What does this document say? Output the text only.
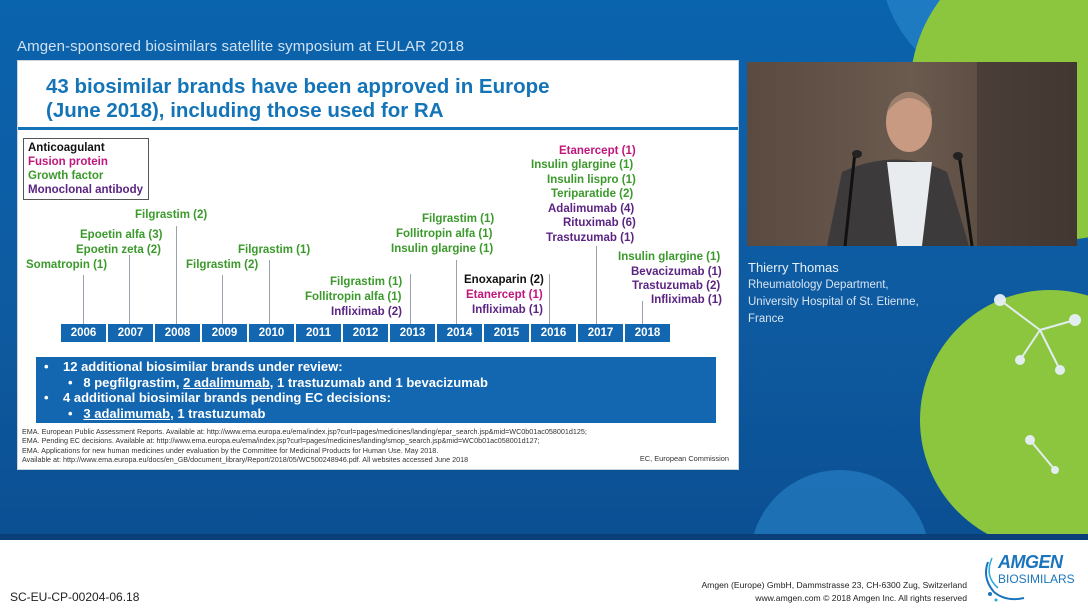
Amgen-sponsored biosimilars satellite symposium at EULAR 2018
43 biosimilar brands have been approved in Europe
(June 2018), including those used for RA
Anticoagulant
Fusion protein
Growth factor
Monoclonal antibody
Somatropin (1)
Epoetin alfa (3)
Epoetin zeta (2)
Filgrastim (2)
Filgrastim (2)
Filgrastim (1)
Filgrastim (1)
Follitropin alfa (1)
Infliximab (2)
Filgrastim (1)
Follitropin alfa (1)
Insulin glargine (1)
Enoxaparin (2)
Etanercept (1)
Infliximab (1)
Etanercept (1)
Insulin glargine (1)
Insulin lispro (1)
Teriparatide (2)
Adalimumab (4)
Rituximab (6)
Trastuzumab (1)
Insulin glargine (1)
Bevacizumab (1)
Trastuzumab (2)
Infliximab (1)
2006	2007	2008	2009	2010	2011	2012	2013	2014	2015	2016	2017	2018
•    12 additional biosimilar brands under review:
•   8 pegfilgrastim, 2 adalimumab, 1 trastuzumab and 1 bevacizumab
•    4 additional biosimilar brands pending EC decisions:
•   3 adalimumab, 1 trastuzumab
EMA. European Public Assessment Reports. Available at: http://www.ema.europa.eu/ema/index.jsp?curl=pages/medicines/landing/epar_search.jsp&mid=WC0b01ac058001d125;
EMA. Pending EC decisions. Available at: http://www.ema.europa.eu/ema/index.jsp?curl=pages/medicines/landing/smop_search.jsp&mid=WC0b01ac058001d127;
EMA. Applications for new human medicines under evaluation by the Committee for Medicinal Products for Human Use. May 2018.
Available at: http://www.ema.europa.eu/docs/en_GB/document_library/Report/2018/05/WC500248946.pdf. All websites accessed June 2018	EC, European Commission
Thierry Thomas
Rheumatology Department,
University Hospital of St. Etienne,
France
SC-EU-CP-00204-06.18
Amgen (Europe) GmbH, Dammstrasse 23, CH-6300 Zug, Switzerland
www.amgen.com © 2018 Amgen Inc. All rights reserved
AMGEN
BIOSIMILARS
